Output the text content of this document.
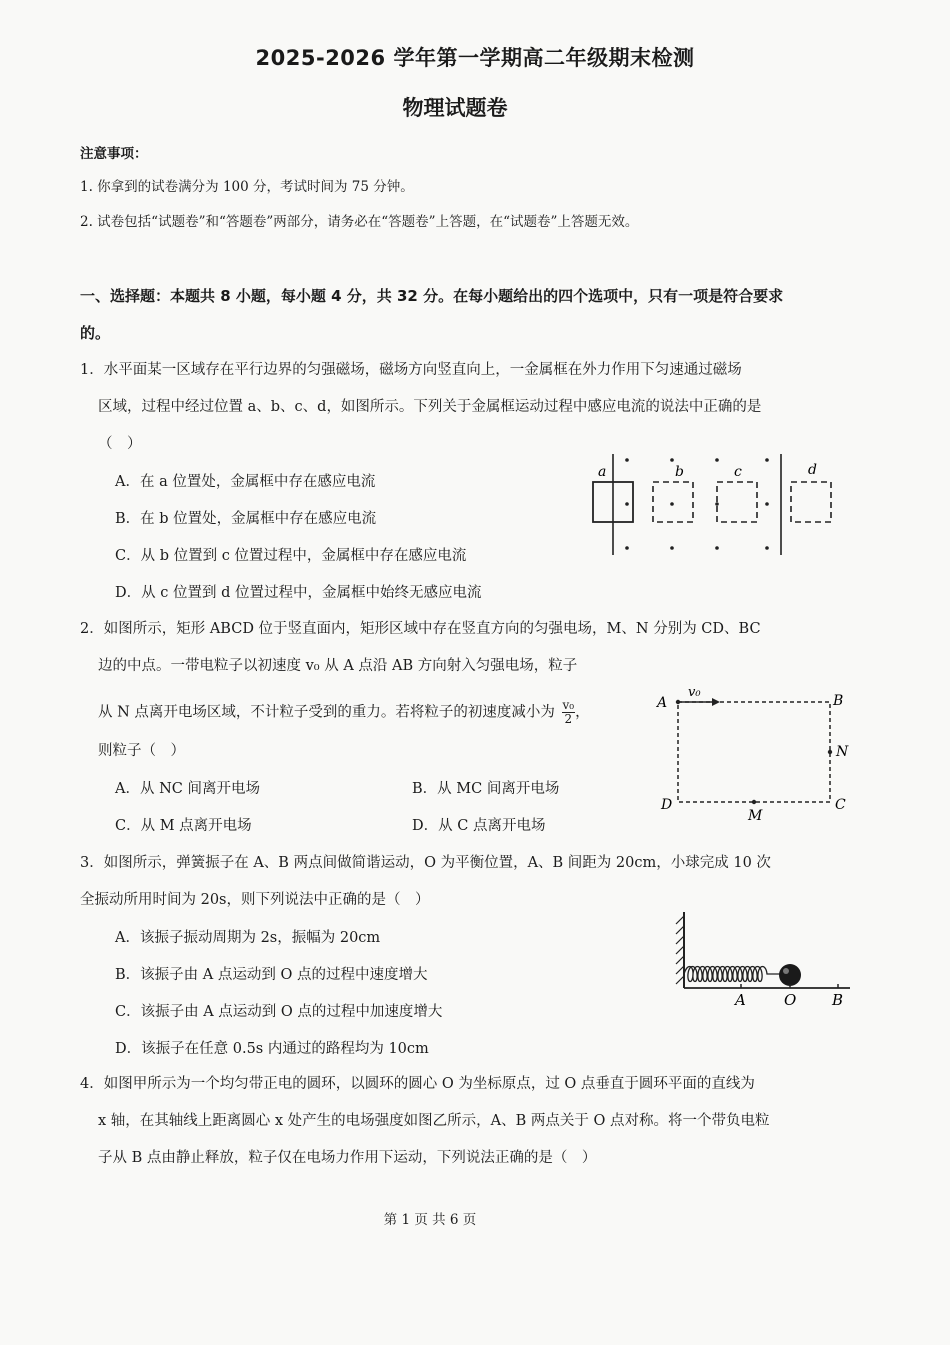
2025-2026 学年第一学期高二年级期末检测
物理试题卷
注意事项：
1. 你拿到的试卷满分为 100 分，考试时间为 75 分钟。
2. 试卷包括“试题卷”和“答题卷”两部分，请务必在“答题卷”上答题，在“试题卷”上答题无效。
一、选择题：本题共 8 小题，每小题 4 分，共 32 分。在每小题给出的四个选项中，只有一项是符合要求
的。
1．水平面某一区域存在平行边界的匀强磁场，磁场方向竖直向上，一金属框在外力作用下匀速通过磁场
区域，过程中经过位置 a、b、c、d，如图所示。下列关于金属框运动过程中感应电流的说法中正确的是
（　）
A．在 a 位置处，金属框中存在感应电流
B．在 b 位置处，金属框中存在感应电流
C．从 b 位置到 c 位置过程中，金属框中存在感应电流
D．从 c 位置到 d 位置过程中，金属框中始终无感应电流
a	b	c	d
2．如图所示，矩形 ABCD 位于竖直面内，矩形区域中存在竖直方向的匀强电场，M、N 分别为 CD、BC
边的中点。一带电粒子以初速度 v₀ 从 A 点沿 AB 方向射入匀强电场，粒子
从 N 点离开电场区域，不计粒子受到的重力。若将粒子的初速度减小为 $\frac{\text{v₀}}{2}$ ，
则粒子（　）
A．从 NC 间离开电场	B．从 MC 间离开电场
C．从 M 点离开电场	D．从 C 点离开电场
A	B
C
D
M
N
v₀
3．如图所示，弹簧振子在 A、B 两点间做简谐运动，O 为平衡位置，A、B 间距为 20cm，小球完成 10 次
全振动所用时间为 20s，则下列说法中正确的是（　）
A．该振子振动周期为 2s，振幅为 20cm
B．该振子由 A 点运动到 O 点的过程中速度增大
C．该振子由 A 点运动到 O 点的过程中加速度增大
D．该振子在任意 0.5s 内通过的路程均为 10cm
A	O B
4．如图甲所示为一个均匀带正电的圆环，以圆环的圆心 O 为坐标原点，过 O 点垂直于圆环平面的直线为
x 轴，在其轴线上距离圆心 x 处产生的电场强度如图乙所示，A、B 两点关于 O 点对称。将一个带负电粒
子从 B 点由静止释放，粒子仅在电场力作用下运动，下列说法正确的是（　）
第 1 页 共 6 页
